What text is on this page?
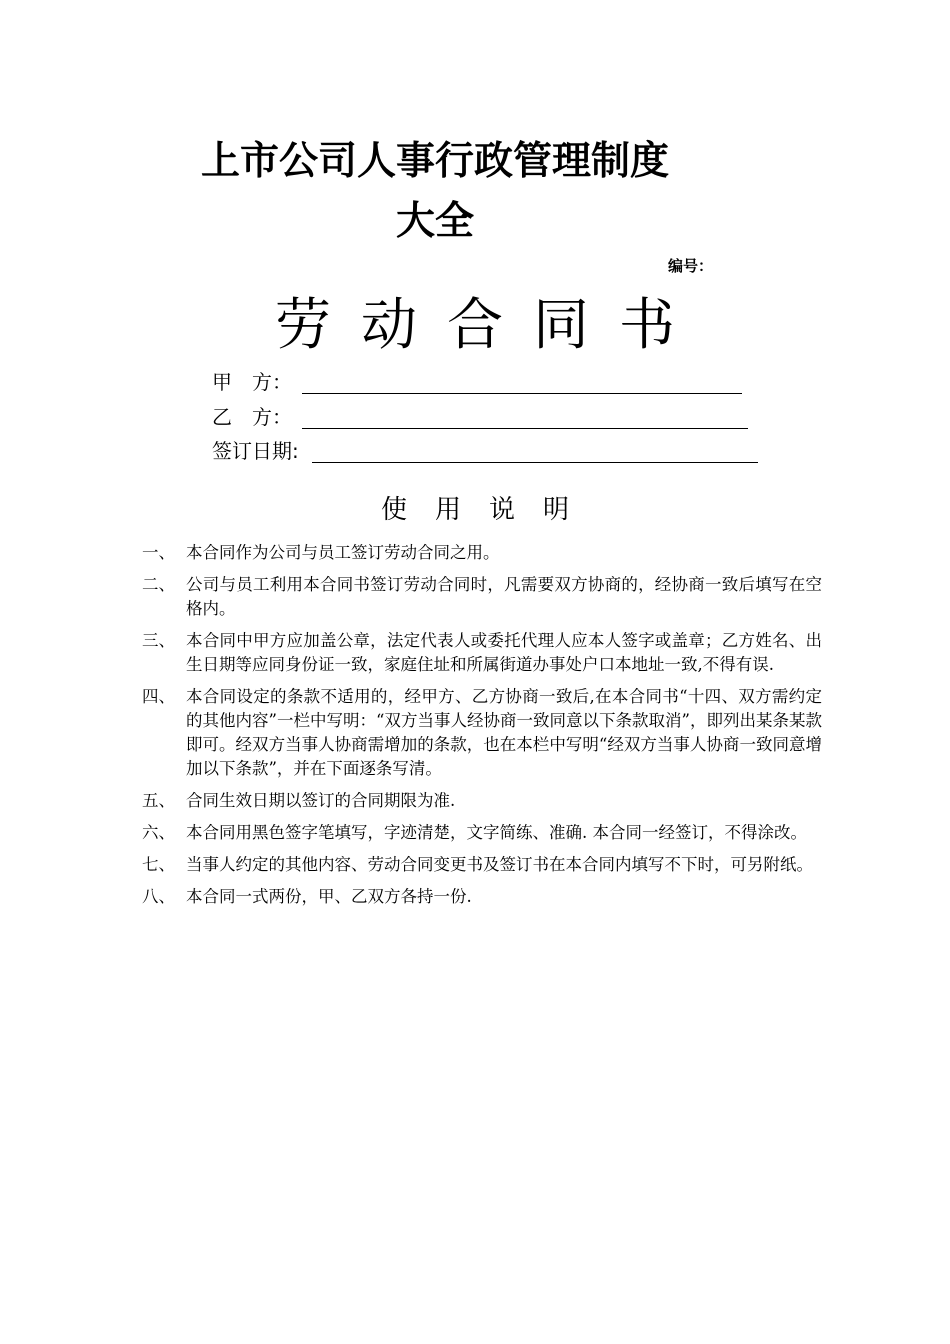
上市公司人事行政管理制度
大全
编号：
劳动合同书
甲　方：
乙　方：
签订日期:
使用说明
一、 本合同作为公司与员工签订劳动合同之用。
二、 公司与员工利用本合同书签订劳动合同时，凡需要双方协商的，经协商一致后填写在空格内。
三、 本合同中甲方应加盖公章，法定代表人或委托代理人应本人签字或盖章；乙方姓名、出生日期等应同身份证一致，家庭住址和所属街道办事处户口本地址一致,不得有误.
四、 本合同设定的条款不适用的，经甲方、乙方协商一致后,在本合同书“十四、双方需约定的其他内容”一栏中写明：“双方当事人经协商一致同意以下条款取消”，即列出某条某款即可。经双方当事人协商需增加的条款，也在本栏中写明“经双方当事人协商一致同意增加以下条款”，并在下面逐条写清。
五、 合同生效日期以签订的合同期限为准.
六、 本合同用黑色签字笔填写，字迹清楚，文字简练、准确. 本合同一经签订，不得涂改。
七、 当事人约定的其他内容、劳动合同变更书及签订书在本合同内填写不下时，可另附纸。
八、 本合同一式两份，甲、乙双方各持一份.
